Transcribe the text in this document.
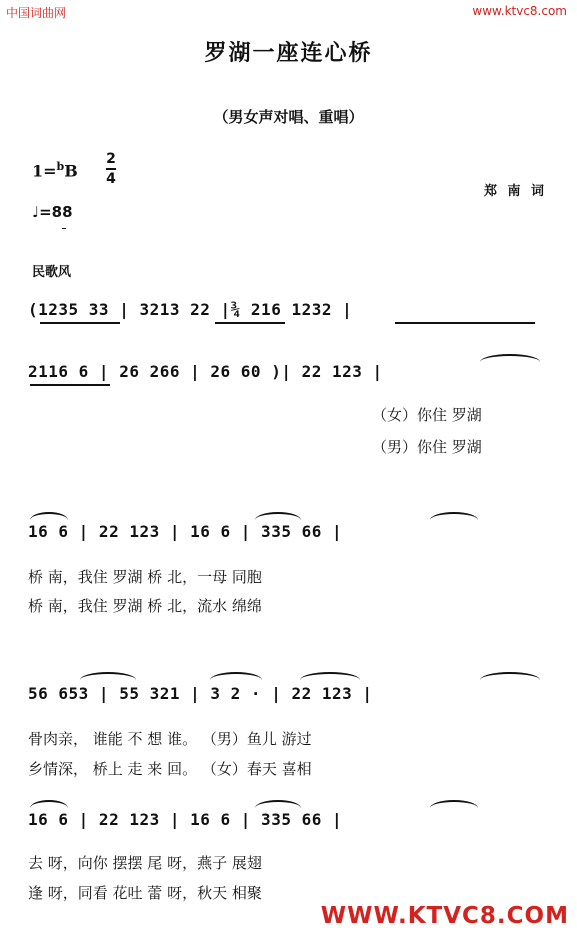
中国词曲网	www.ktvc8.com
罗湖一座连心桥
（男女声对唱、重唱）
1=$^b$B
2
4
♩=88
郑 南 词
民歌风
(1235 33 | 3213 22 |¾ 216 1232 |
2116 6 | 26 266 | 26 60 )| 22 123 |
（女）你住 罗湖
（男）你住 罗湖
16 6 | 22 123 | 16 6 | 335 66 |
桥 南，我住 罗湖 桥 北，一母 同胞
桥 南，我住 罗湖 桥 北，流水 绵绵
56 653 | 55 321 | 3 2 · | 22 123 |
骨肉亲， 谁能 不 想 谁。 （男）鱼儿 游过
乡情深， 桥上 走 来 回。 （女）春天 喜相
16 6 | 22 123 | 16 6 | 335 66 |
去 呀，向你 摆摆 尾 呀，燕子 展翅
逢 呀，同看 花吐 蕾 呀，秋天 相聚
WWW.KTVC8.COM
